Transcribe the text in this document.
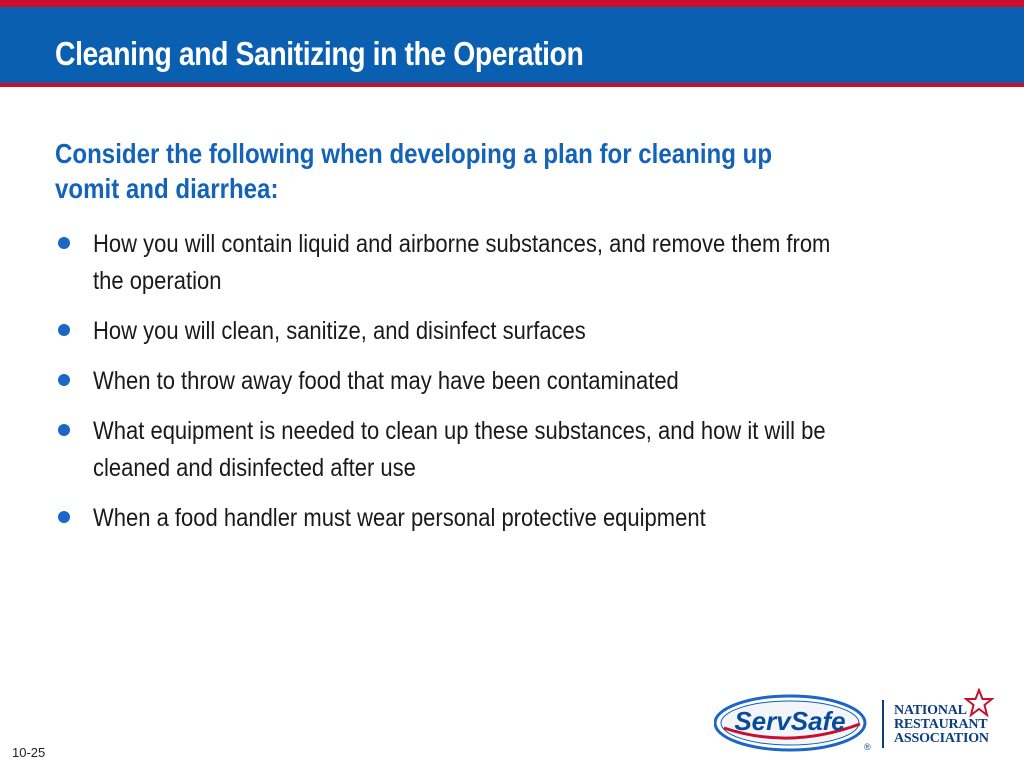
Cleaning and Sanitizing in the Operation
Consider the following when developing a plan for cleaning up vomit and diarrhea:
How you will contain liquid and airborne substances, and remove them from the operation
How you will clean, sanitize, and disinfect surfaces
When to throw away food that may have been contaminated
What equipment is needed to clean up these substances, and how it will be cleaned and disinfected after use
When a food handler must wear personal protective equipment
10-25
ServSafe
®
NATIONAL
RESTAURANT
ASSOCIATION
